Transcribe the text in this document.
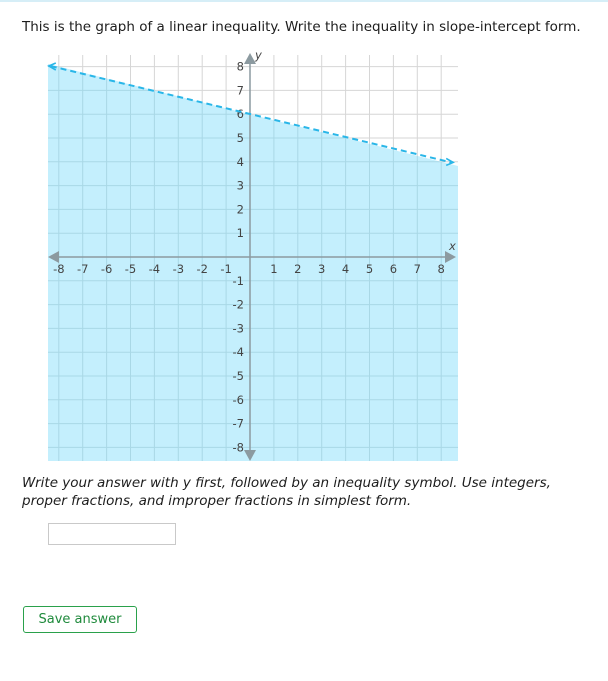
This is the graph of a linear inequality. Write the inequality in slope-intercept form.
x
y
-8 -7 -6 -5 -4 -3 -2 -1	1 2 3 4 5 6 7 8
8
7
6
5
4
3
2
1
-1
-2
-3
-4
-5
-6
-7
-8
Write your answer with y first, followed by an inequality symbol. Use integers, proper fractions, and improper fractions in simplest form.
Save answer
